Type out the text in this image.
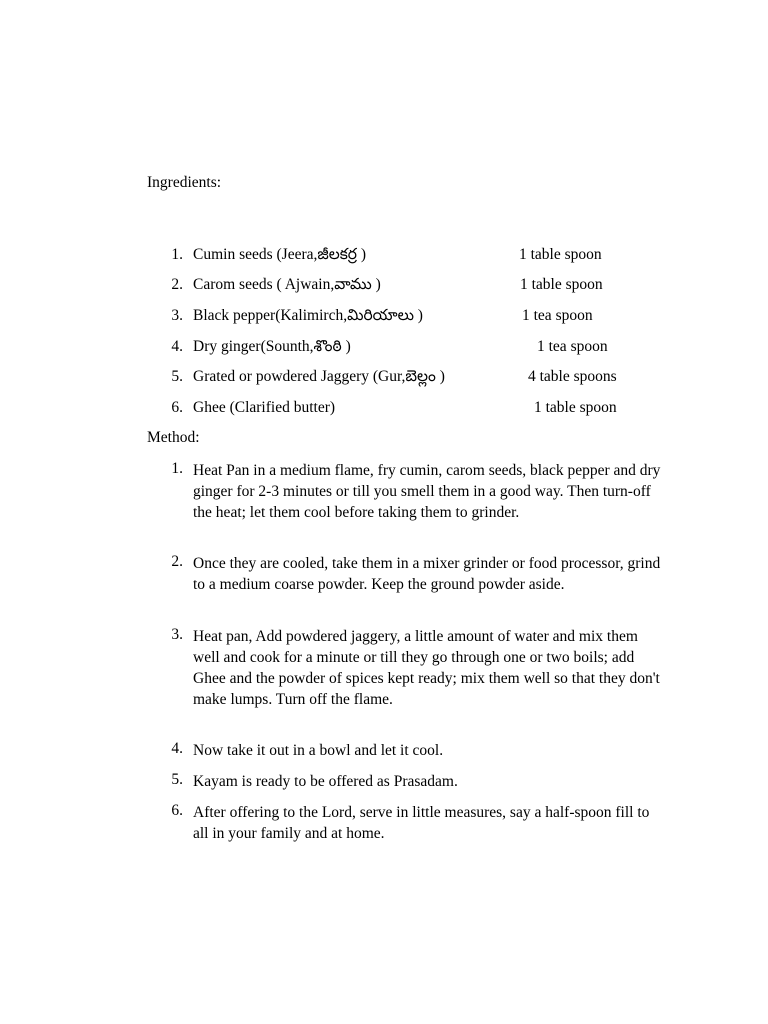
Ingredients:
1. Cumin seeds (Jeera,జీలకర్ర )	1 table spoon
2. Carom seeds ( Ajwain,వాము )	1 table spoon
3. Black pepper(Kalimirch,మిరియాలు )	1 tea spoon
4. Dry ginger(Sounth,శొంఠి )	1 tea spoon
5. Grated or powdered Jaggery (Gur,బెల్లం )	4 table spoons
6. Ghee (Clarified butter)	1 table spoon
Method:
1. Heat Pan in a medium flame, fry cumin, carom seeds, black pepper and dry ginger for 2-3 minutes or till you smell them in a good way. Then turn-off the heat; let them cool before taking them to grinder.
2. Once they are cooled, take them in a mixer grinder or food processor, grind to a medium coarse powder. Keep the ground powder aside.
3. Heat pan, Add powdered jaggery, a little amount of water and mix them well and cook for a minute or till they go through one or two boils; add Ghee and the powder of spices kept ready; mix them well so that they don't make lumps. Turn off the flame.
4. Now take it out in a bowl and let it cool.
5. Kayam is ready to be offered as Prasadam.
6. After offering to the Lord, serve in little measures, say a half-spoon fill to all in your family and at home.
